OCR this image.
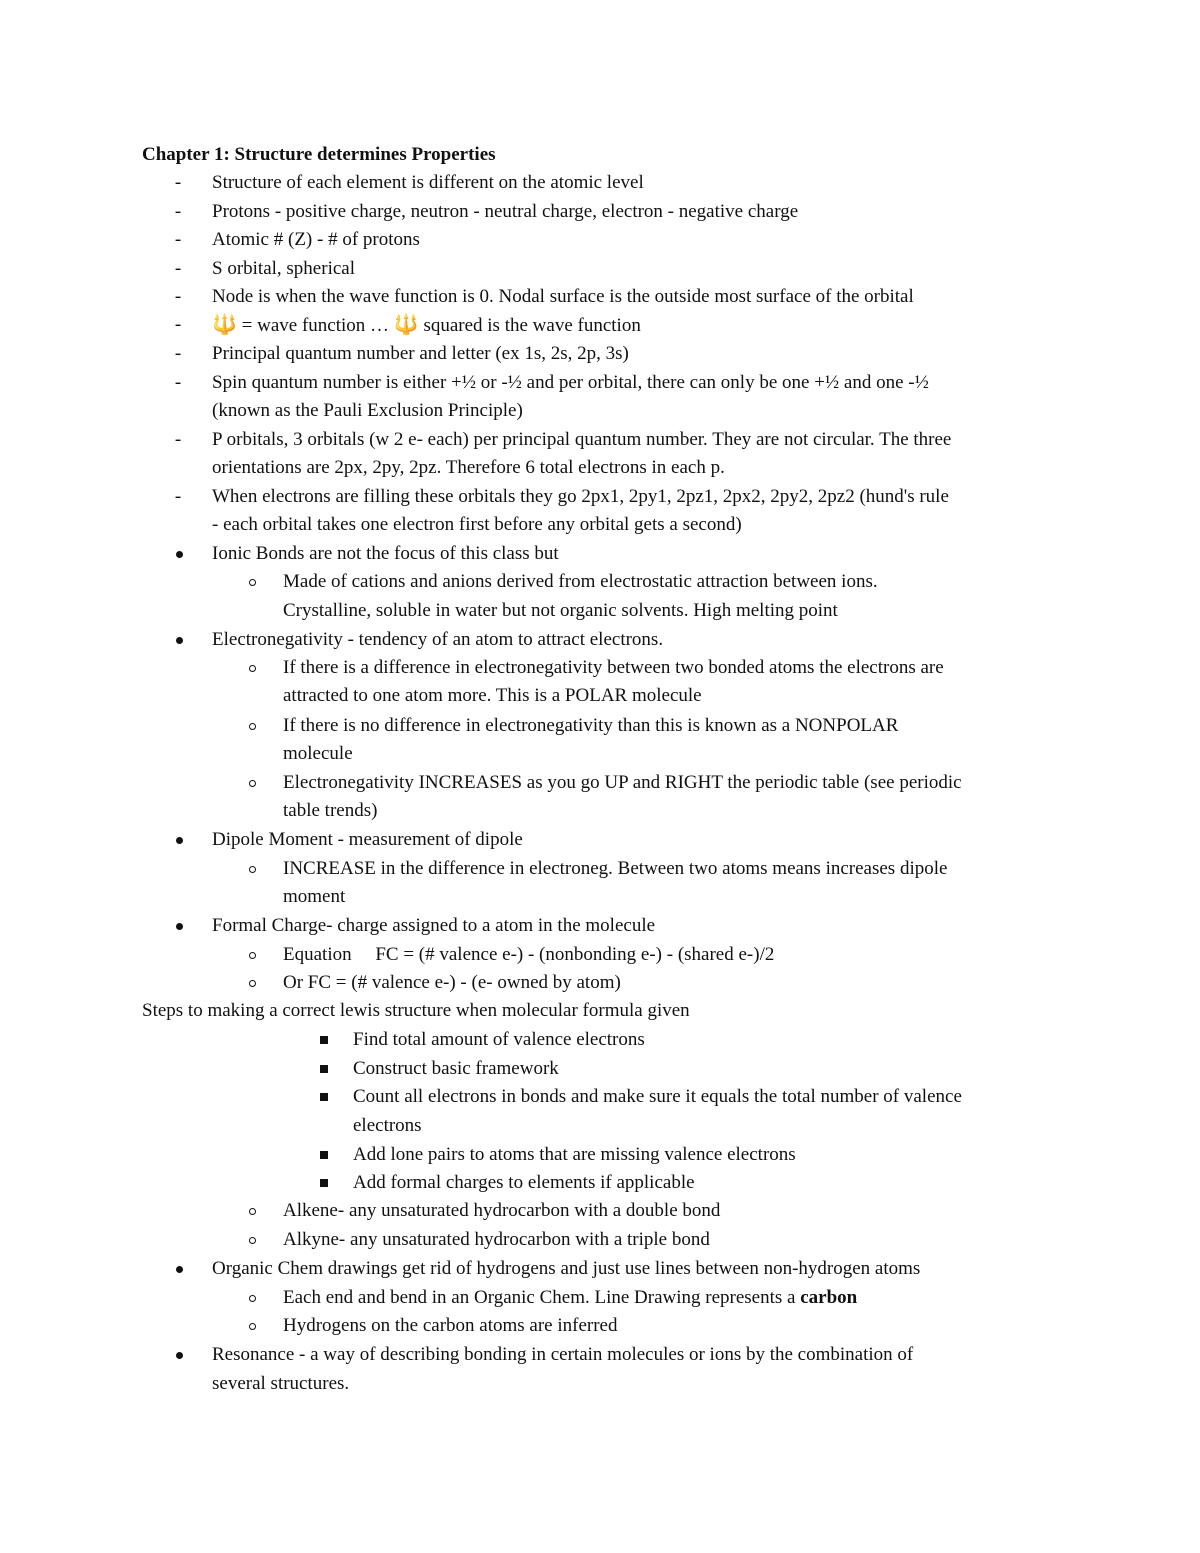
Chapter 1: Structure determines Properties
- Structure of each element is different on the atomic level
- Protons - positive charge, neutron - neutral charge, electron - negative charge
- Atomic # (Z) - # of protons
- S orbital, spherical
- Node is when the wave function is 0. Nodal surface is the outside most surface of the orbital
- 🔱 = wave function … 🔱 squared is the wave function
- Principal quantum number and letter (ex 1s, 2s, 2p, 3s)
- Spin quantum number is either +½ or -½ and per orbital, there can only be one +½ and one -½
(known as the Pauli Exclusion Principle)
- P orbitals, 3 orbitals (w 2 e- each) per principal quantum number. They are not circular. The three
orientations are 2px, 2py, 2pz. Therefore 6 total electrons in each p.
- When electrons are filling these orbitals they go 2px1, 2py1, 2pz1, 2px2, 2py2, 2pz2 (hund's rule
- each orbital takes one electron first before any orbital gets a second)
Ionic Bonds are not the focus of this class but
Made of cations and anions derived from electrostatic attraction between ions.
Crystalline, soluble in water but not organic solvents. High melting point
Electronegativity - tendency of an atom to attract electrons.
If there is a difference in electronegativity between two bonded atoms the electrons are
attracted to one atom more. This is a POLAR molecule
If there is no difference in electronegativity than this is known as a NONPOLAR
molecule
Electronegativity INCREASES as you go UP and RIGHT the periodic table (see periodic
table trends)
Dipole Moment - measurement of dipole
INCREASE in the difference in electroneg. Between two atoms means increases dipole
moment
Formal Charge- charge assigned to a atom in the molecule
Equation     FC = (# valence e-) - (nonbonding e-) - (shared e-)/2
Or FC = (# valence e-) - (e- owned by atom)
Steps to making a correct lewis structure when molecular formula given
Find total amount of valence electrons
Construct basic framework
Count all electrons in bonds and make sure it equals the total number of valence
electrons
Add lone pairs to atoms that are missing valence electrons
Add formal charges to elements if applicable
Alkene- any unsaturated hydrocarbon with a double bond
Alkyne- any unsaturated hydrocarbon with a triple bond
Organic Chem drawings get rid of hydrogens and just use lines between non-hydrogen atoms
Each end and bend in an Organic Chem. Line Drawing represents a carbon
Hydrogens on the carbon atoms are inferred
Resonance - a way of describing bonding in certain molecules or ions by the combination of
several structures.
